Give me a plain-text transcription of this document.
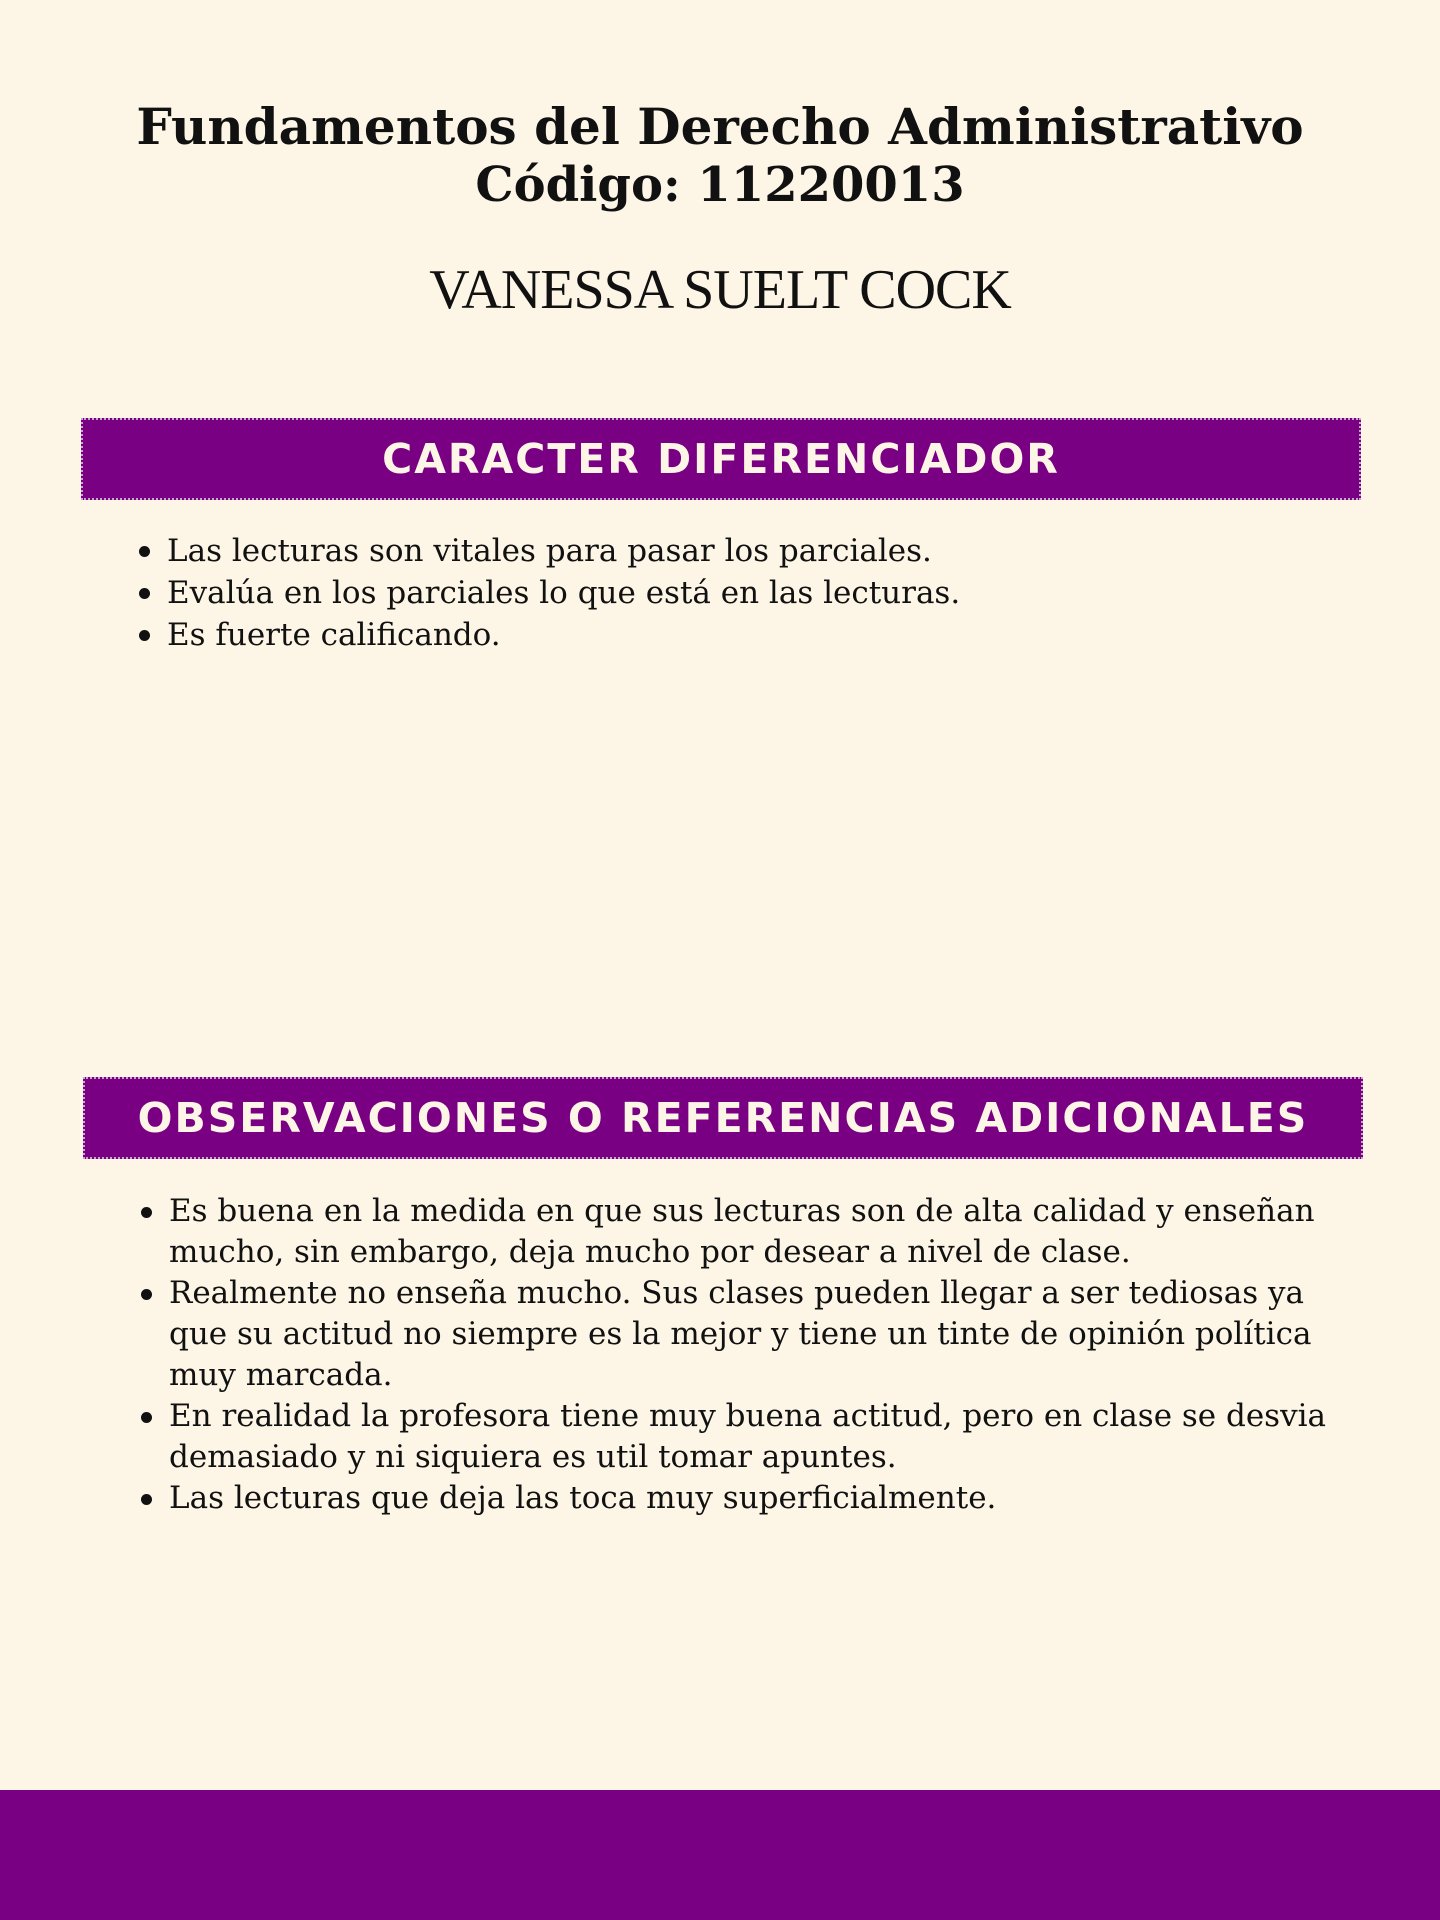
Fundamentos del Derecho Administrativo
Código: 11220013
VANESSA SUELT COCK
CARACTER DIFERENCIADOR
Las lecturas son vitales para pasar los parciales.
Evalúa en los parciales lo que está en las lecturas.
Es fuerte calificando.
OBSERVACIONES O REFERENCIAS ADICIONALES
Es buena en la medida en que sus lecturas son de alta calidad y enseñan mucho, sin embargo, deja mucho por desear a nivel de clase.
Realmente no enseña mucho. Sus clases pueden llegar a ser tediosas ya que su actitud no siempre es la mejor y tiene un tinte de opinión política muy marcada.
En realidad la profesora tiene muy buena actitud, pero en clase se desvia demasiado y ni siquiera es util tomar apuntes.
Las lecturas que deja las toca muy superficialmente.
